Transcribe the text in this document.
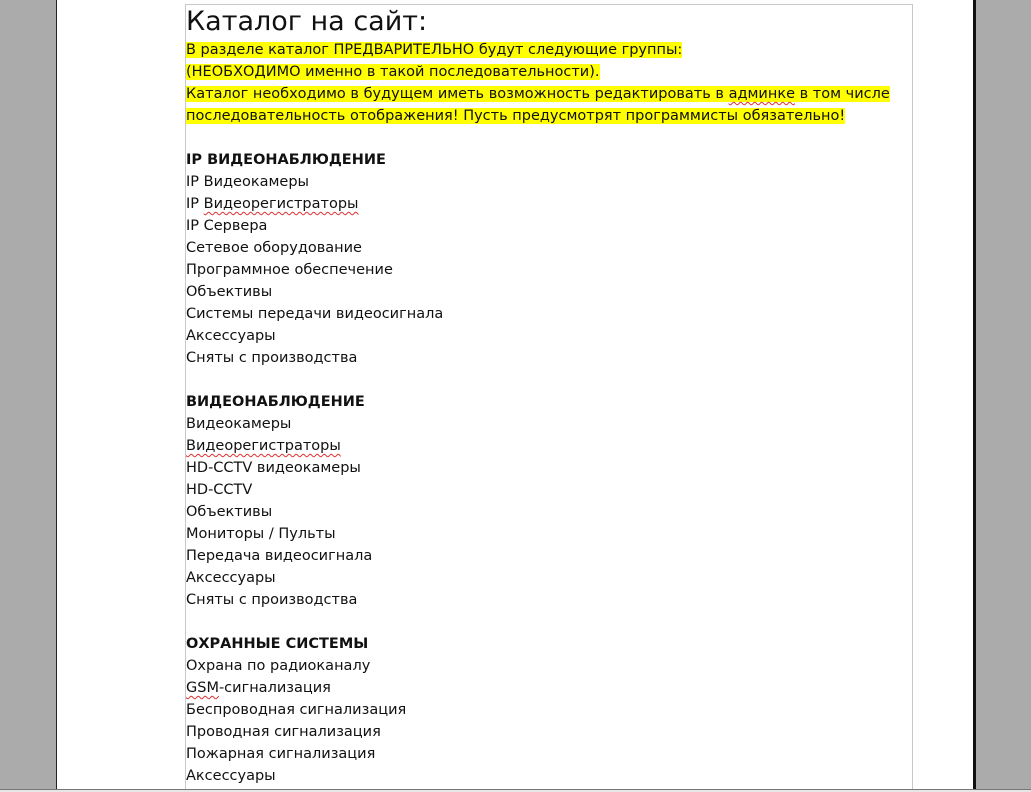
Каталог на сайт:

В разделе каталог ПРЕДВАРИТЕЛЬНО будут следующие группы:

(НЕОБХОДИМО именно в такой последовательности).

Каталог необходимо в будущем иметь возможность редактировать в админке в том числе

последовательность отображения! Пусть предусмотрят программисты обязательно!

IP ВИДЕОНАБЛЮДЕНИЕ

IP Видеокамеры
IP Видеорегистраторы
IP Сервера
Сетевое оборудование
Программное обеспечение
Объективы
Системы передачи видеосигнала
Аксессуары
Сняты с производства

ВИДЕОНАБЛЮДЕНИЕ

Видеокамеры
Видеорегистраторы
HD-CCTV видеокамеры
HD-CCTV
Объективы
Мониторы / Пульты
Передача видеосигнала
Аксессуары
Сняты с производства

ОХРАННЫЕ СИСТЕМЫ

Охрана по радиоканалу
GSM-сигнализация
Беспроводная сигнализация
Проводная сигнализация
Пожарная сигнализация
Аксессуары
